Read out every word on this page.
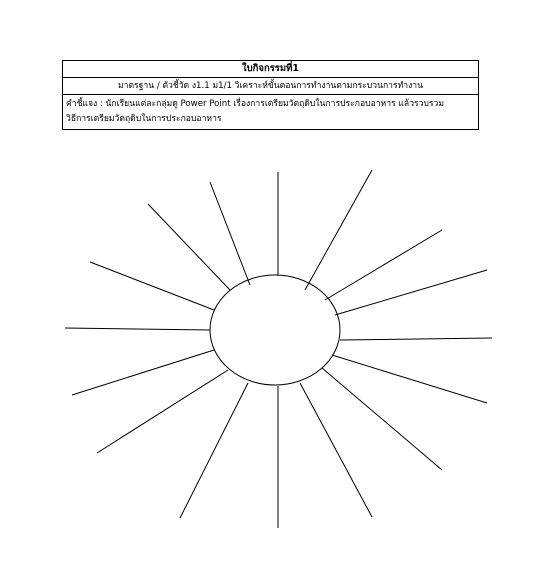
ใบกิจกรรมที่1
มาตรฐาน / ตัวชี้วัด ง1.1 ม1/1 วิเคราะห์ขั้นตอนการทำงานตามกระบวนการทำงาน
คำชี้แจง : นักเรียนแต่ละกลุ่มดู Power Point เรื่องการเตรียมวัตถุดิบในการประกอบอาหาร แล้วรวบรวม
วิธีการเตรียมวัตถุดิบในการประกอบอาหาร
